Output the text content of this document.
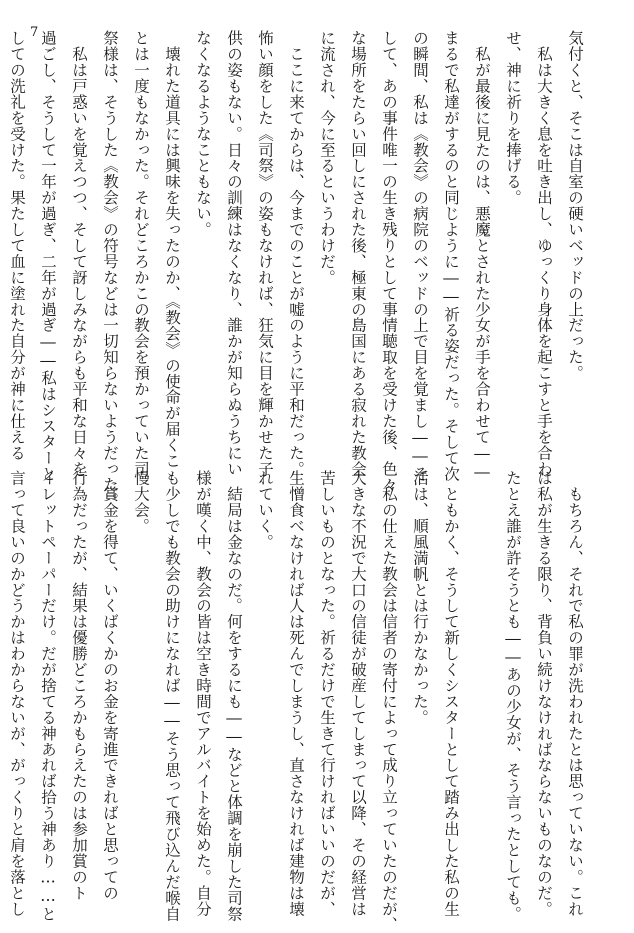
7	気付くと、そこは自室の硬いベッドの上だった。

　私は大きく息を吐き出し、ゆっくり身体を起こすと手を合わ

せ、神に祈りを捧げる。

　私が最後に見たのは、悪魔とされた少女が手を合わせて――

まるで私達がするのと同じように――祈る姿だった。そして次

の瞬間、私は《教会》の病院のベッドの上で目を覚まし――そ

して、あの事件唯一の生き残りとして事情聴取を受けた後、色々

な場所をたらい回しにされた後、極東の島国にある寂れた教会

に流され、今に至るというわけだ。

　ここに来てからは、今までのことが嘘のように平和だった。

怖い顔をした《司祭》の姿もなければ、狂気に目を輝かせた子

供の姿もない。日々の訓練はなくなり、誰かが知らぬうちにい

なくなるようなこともない。

　壊れた道具には興味を失ったのか、《教会》の使命が届くこ

とは一度もなかった。それどころかこの教会を預かっていた司

祭様は、そうした《教会》の符号などは一切知らないようだった。

　私は戸惑いを覚えつつ、そして訝しみながらも平和な日々を

過ごし、そうして一年が過ぎ、二年が過ぎ――私はシスターと

しての洗礼を受けた。果たして血に塗れた自分が神に仕える

　もちろん、それで私の罪が洗われたとは思っていない。これ

は私が生きる限り、背負い続けなければならないものなのだ。

たとえ誰が許そうとも――あの少女が、そう言ったとしても。

　ともかく、そうして新しくシスターとして踏み出した私の生

活は、順風満帆とは行かなかった。

　私の仕えた教会は信者の寄付によって成り立っていたのだが、

大きな不況で大口の信徒が破産してしまって以降、その経営は

苦しいものとなった。祈るだけで生きて行ければいいのだが、

生憎食べなければ人は死んでしまうし、直さなければ建物は壊

れていく。

　結局は金なのだ。何をするにも――などと体調を崩した司祭

様が嘆く中、教会の皆は空き時間でアルバイトを始めた。自分

も少しでも教会の助けになれば――そう思って飛び込んだ喉自

慢大会。

　賞金を得て、いくばくかのお金を寄進できればと思っての

行為だったが、結果は優勝どころかもらえたのは参加賞のト

イレットペーパーだけ。だが捨てる神あれば拾う神あり……と

言って良いのかどうかはわからないが、がっくりと肩を落とし
